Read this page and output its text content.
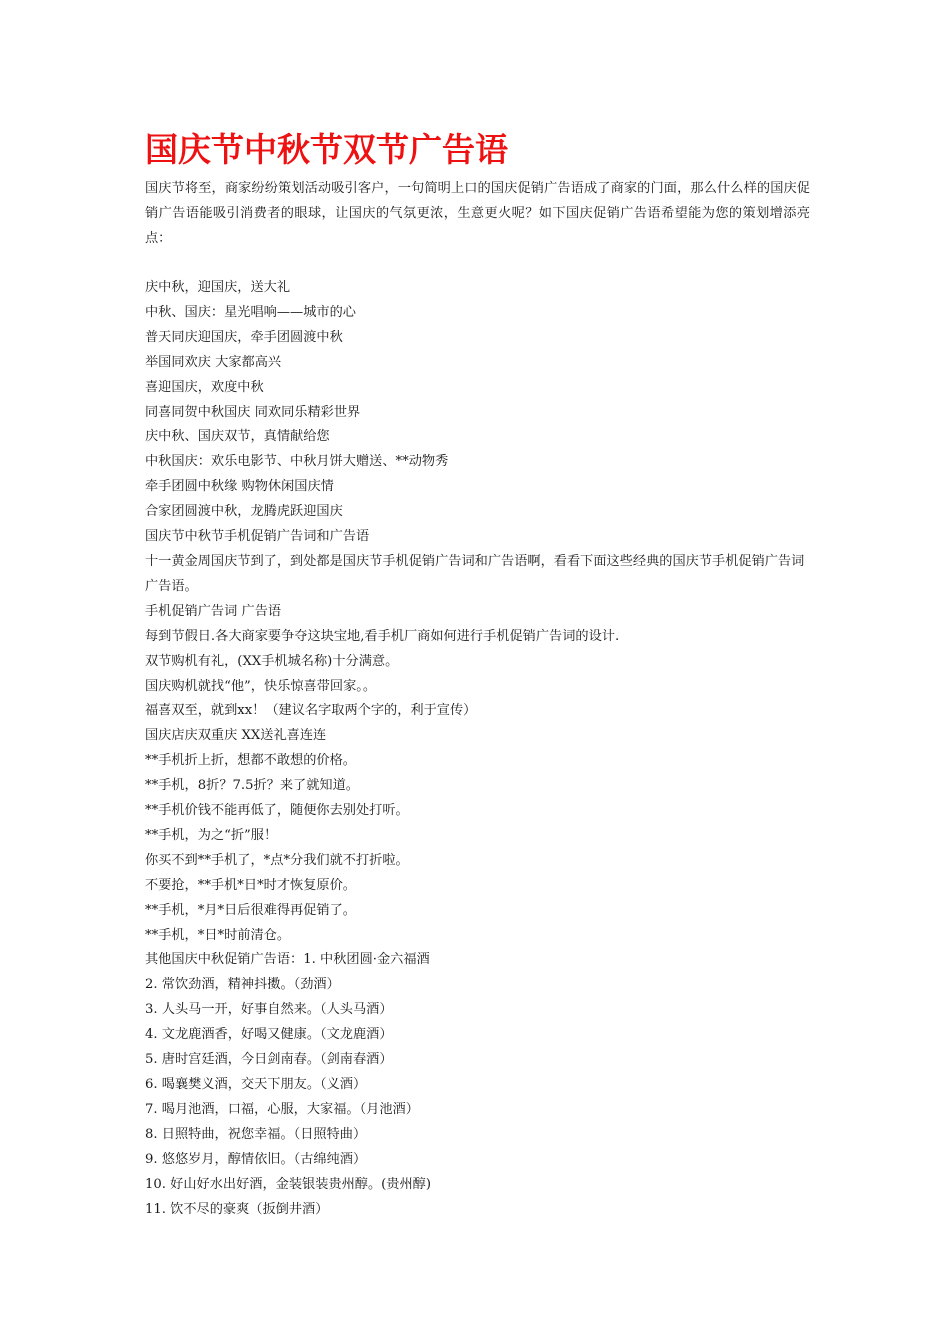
国庆节中秋节双节广告语

国庆节将至，商家纷纷策划活动吸引客户，一句简明上口的国庆促销广告语成了商家的门面，那么什么样的国庆促销广告语能吸引消费者的眼球，让国庆的气氛更浓，生意更火呢？如下国庆促销广告语希望能为您的策划增添亮点：

庆中秋，迎国庆，送大礼
中秋、国庆：星光唱响——城市的心
普天同庆迎国庆，牵手团圆渡中秋
举国同欢庆 大家都高兴
喜迎国庆，欢度中秋
同喜同贺中秋国庆 同欢同乐精彩世界
庆中秋、国庆双节，真情献给您
中秋国庆：欢乐电影节、中秋月饼大赠送、**动物秀
牵手团圆中秋缘 购物休闲国庆情
合家团圆渡中秋，龙腾虎跃迎国庆
国庆节中秋节手机促销广告词和广告语
十一黄金周国庆节到了，到处都是国庆节手机促销广告词和广告语啊，看看下面这些经典的国庆节手机促销广告词 广告语。
手机促销广告词 广告语
每到节假日.各大商家要争夺这块宝地,看手机厂商如何进行手机促销广告词的设计.
双节购机有礼，(XX手机城名称)十分满意。
国庆购机就找“他”，快乐惊喜带回家。。
福喜双至，就到xx！（建议名字取两个字的，利于宣传）
国庆店庆双重庆 XX送礼喜连连
**手机折上折，想都不敢想的价格。
**手机，8折？7.5折？来了就知道。
**手机价钱不能再低了，随便你去别处打听。
**手机，为之“折”服！
你买不到**手机了，*点*分我们就不打折啦。
不要抢，**手机*日*时才恢复原价。
**手机，*月*日后很难得再促销了。
**手机，*日*时前清仓。
其他国庆中秋促销广告语：1. 中秋团圆·金六福酒
2. 常饮劲酒，精神抖擞。（劲酒）
3. 人头马一开，好事自然来。（人头马酒）
4. 文龙鹿酒香，好喝又健康。（文龙鹿酒）
5. 唐时宫廷酒，今日剑南春。（剑南春酒）
6. 喝襄樊义酒，交天下朋友。（义酒）
7. 喝月池酒，口福，心服，大家福。（月池酒）
8. 日照特曲，祝您幸福。（日照特曲）
9. 悠悠岁月，醇情依旧。（古绵纯酒）
10. 好山好水出好酒，金装银装贵州醇。(贵州醇)
11. 饮不尽的豪爽（扳倒井酒）
